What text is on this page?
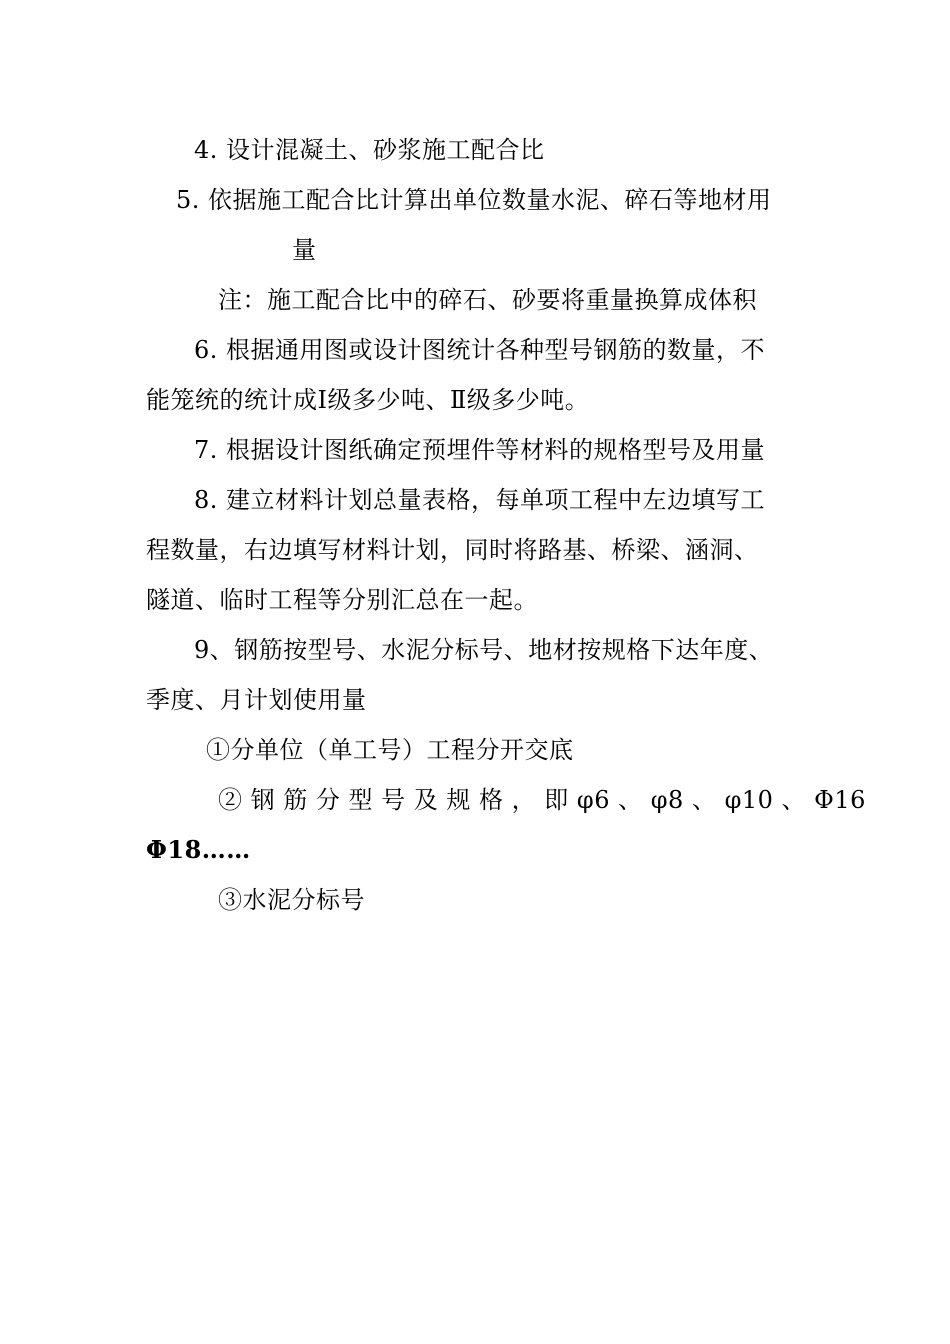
4. 设计混凝土、砂浆施工配合比
5. 依据施工配合比计算出单位数量水泥、碎石等地材用
量
注：施工配合比中的碎石、砂要将重量换算成体积
6. 根据通用图或设计图统计各种型号钢筋的数量，不
能笼统的统计成Ⅰ级多少吨、Ⅱ级多少吨。
7. 根据设计图纸确定预埋件等材料的规格型号及用量
8. 建立材料计划总量表格，每单项工程中左边填写工
程数量，右边填写材料计划，同时将路基、桥梁、涵洞、
隧道、临时工程等分别汇总在一起。
9、钢筋按型号、水泥分标号、地材按规格下达年度、
季度、月计划使用量
①分单位（单工号）工程分开交底
② 钢 筋 分 型 号 及 规 格 ， 即 φ6 、 φ8 、 φ10 、 Φ16
Φ18……
③水泥分标号
